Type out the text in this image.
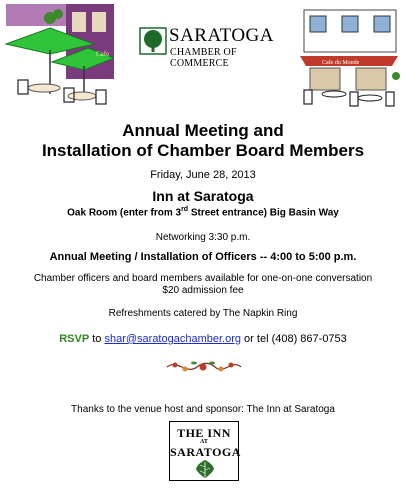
Cafe
SARATOGA
CHAMBER OF COMMERCE	Cafe du Monde
Annual Meeting and
Installation of Chamber Board Members
Friday, June 28, 2013
Inn at Saratoga
Oak Room (enter from 3rd Street entrance) Big Basin Way
Networking 3:30 p.m.
Annual Meeting / Installation of Officers -- 4:00 to 5:00 p.m.
Chamber officers and board members available for one-on-one conversation
$20 admission fee
Refreshments catered by The Napkin Ring
RSVP to shar@saratogachamber.org or tel (408) 867-0753
Thanks to the venue host and sponsor: The Inn at Saratoga
THE INN
AT
SARATOGA
